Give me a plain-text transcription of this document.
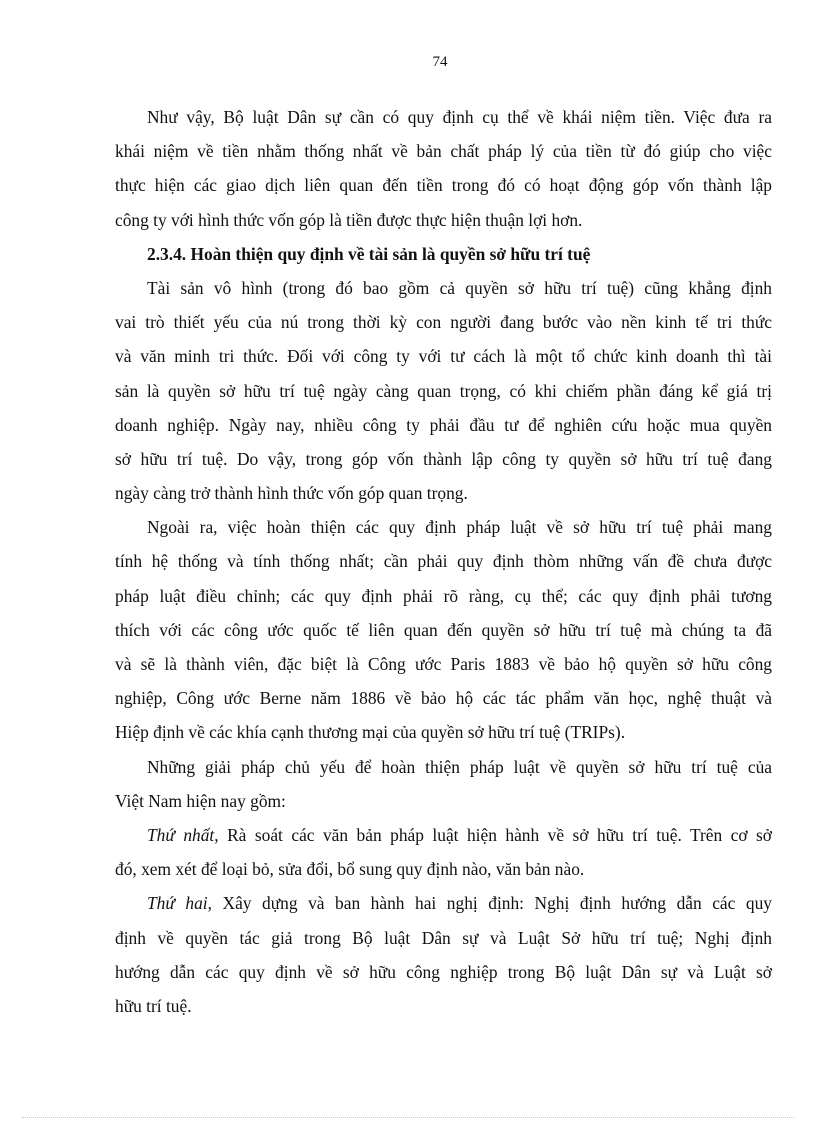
74
Như vậy, Bộ luật Dân sự cần có quy định cụ thể về khái niệm tiền. Việc đưa ra
khái niệm về tiền nhằm thống nhất về bản chất pháp lý của tiền từ đó giúp cho việc
thực hiện các giao dịch liên quan đến tiền trong đó có hoạt động góp vốn thành lập
công ty với hình thức vốn góp là tiền được thực hiện thuận lợi hơn.
2.3.4. Hoàn thiện quy định về tài sản là quyền sở hữu trí tuệ
Tài sản vô hình (trong đó bao gồm cả quyền sở hữu trí tuệ) cũng khẳng định
vai trò thiết yếu của nú trong thời kỳ con người đang bước vào nền kinh tế tri thức
và văn minh tri thức. Đối với công ty với tư cách là một tổ chức kinh doanh thì tài
sản là quyền sở hữu trí tuệ ngày càng quan trọng, có khi chiếm phần đáng kể giá trị
doanh nghiệp. Ngày nay, nhiều công ty phải đầu tư để nghiên cứu hoặc mua quyền
sở hữu trí tuệ. Do vậy, trong góp vốn thành lập công ty quyền sở hữu trí tuệ đang
ngày càng trở thành hình thức vốn góp quan trọng.
Ngoài ra, việc hoàn thiện các quy định pháp luật về sở hữu trí tuệ phải mang
tính hệ thống và tính thống nhất; cần phải quy định thòm những vấn đề chưa được
pháp luật điều chỉnh; các quy định phải rõ ràng, cụ thể; các quy định phải tương
thích với các công ước quốc tế liên quan đến quyền sở hữu trí tuệ mà chúng ta đã
và sẽ là thành viên, đặc biệt là Công ước Paris 1883 về bảo hộ quyền sở hữu công
nghiệp, Công ước Berne năm 1886 về bảo hộ các tác phẩm văn học, nghệ thuật và
Hiệp định về các khía cạnh thương mại của quyền sở hữu trí tuệ (TRIPs).
Những giải pháp chủ yếu để hoàn thiện pháp luật về quyền sở hữu trí tuệ của
Việt Nam hiện nay gồm:
Thứ nhất, Rà soát các văn bản pháp luật hiện hành về sở hữu trí tuệ. Trên cơ sở
đó, xem xét để loại bỏ, sửa đổi, bổ sung quy định nào, văn bản nào.
Thứ hai, Xây dựng và ban hành hai nghị định: Nghị định hướng dẫn các quy
định về quyền tác giả trong Bộ luật Dân sự và Luật Sở hữu trí tuệ; Nghị định
hướng dẫn các quy định về sở hữu công nghiệp trong Bộ luật Dân sự và Luật sở
hữu trí tuệ.
